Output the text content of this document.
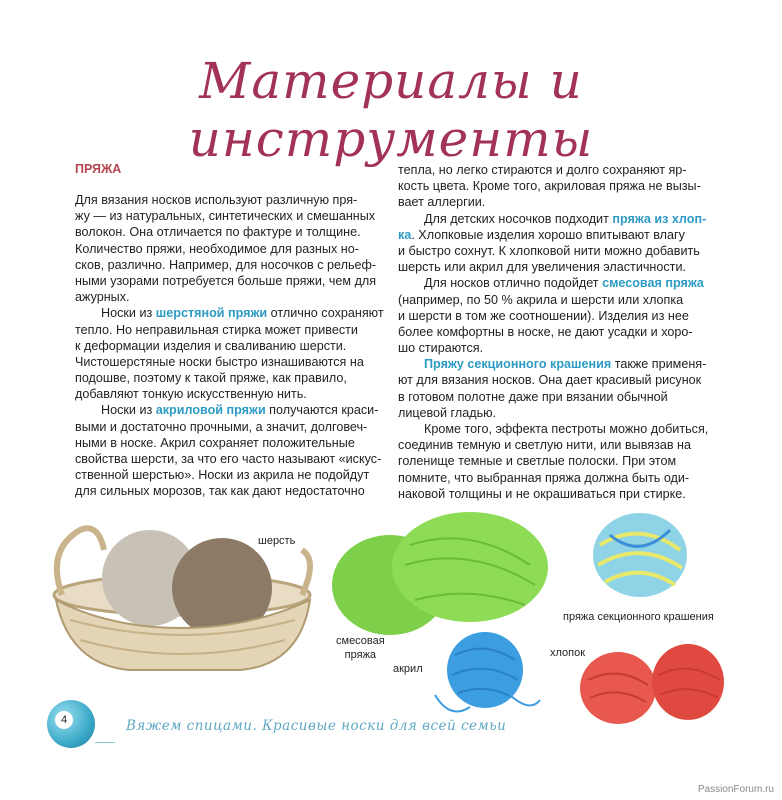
Материалы и инструменты
ПРЯЖА

Для вязания носков используют различную пря-
жу — из натуральных, синтетических и смешанных
волокон. Она отличается по фактуре и толщине.
Количество пряжи, необходимое для разных но-
сков, различно. Например, для носочков с рельеф-
ными узорами потребуется больше пряжи, чем для
ажурных.

Носки из шерстяной пряжи отлично сохраняют
тепло. Но неправильная стирка может привести
к деформации изделия и сваливанию шерсти.
Чистошерстяные носки быстро изнашиваются на
подошве, поэтому к такой пряже, как правило,
добавляют тонкую искусственную нить.

Носки из акриловой пряжи получаются краси-
выми и достаточно прочными, а значит, долговеч-
ными в носке. Акрил сохраняет положительные
свойства шерсти, за что его часто называют «искус-
ственной шерстью». Носки из акрила не подойдут
для сильных морозов, так как дают недостаточно

тепла, но легко стираются и долго сохраняют яр-
кость цвета. Кроме того, акриловая пряжа не вызы-
вает аллергии.

Для детских носочков подходит пряжа из хлоп-
ка. Хлопковые изделия хорошо впитывают влагу
и быстро сохнут. К хлопковой нити можно добавить
шерсть или акрил для увеличения эластичности.

Для носков отлично подойдет смесовая пряжа
(например, по 50 % акрила и шерсти или хлопка
и шерсти в том же соотношении). Изделия из нее
более комфортны в носке, не дают усадки и хоро-
шо стираются.

Пряжу секционного крашения также применя-
ют для вязания носков. Она дает красивый рисунок
в готовом полотне даже при вязании обычной
лицевой гладью.

Кроме того, эффекта пестроты можно добиться,
соединив темную и светлую нити, или вывязав на
голенище темные и светлые полоски. При этом
помните, что выбранная пряжа должна быть оди-
наковой толщины и не окрашиваться при стирке.

шерсть
смесовая
пряжа
акрил
пряжа секционного крашения
хлопок
4	Вяжем спицами. Красивые носки для всей семьи
PassionForum.ru
